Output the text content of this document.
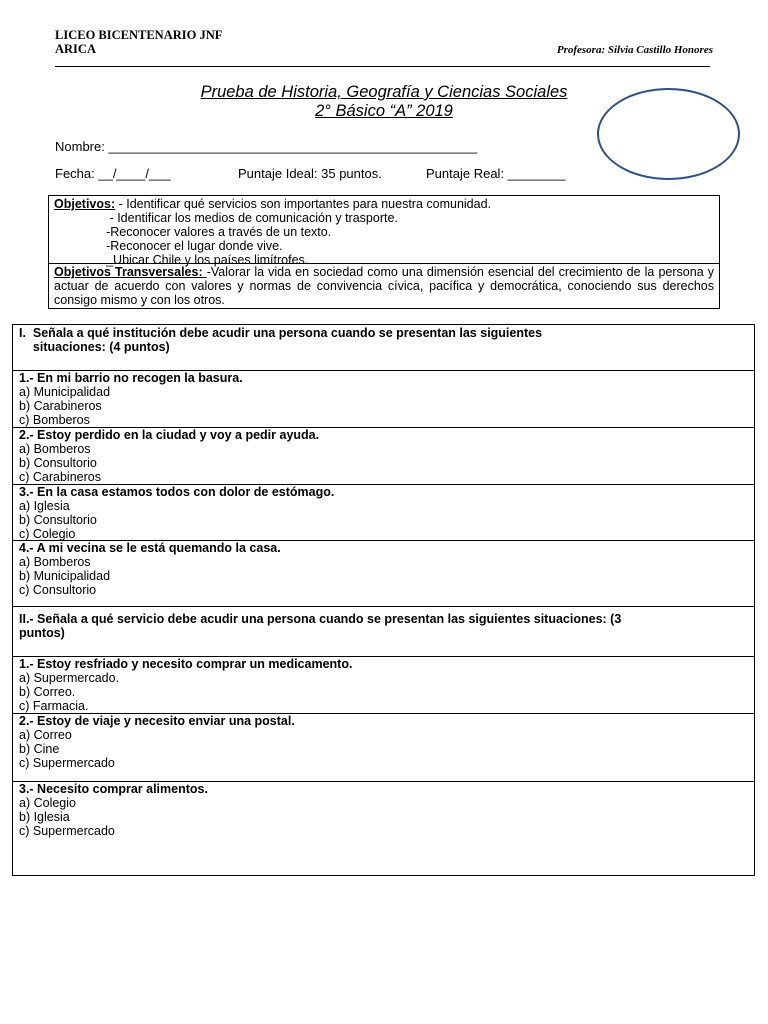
LICEO BICENTENARIO JNF
ARICA	Profesora: Silvia Castillo Honores
Prueba de Historia, Geografía y Ciencias Sociales
2° Básico “A” 2019
Nombre: ___________________________________________________
Fecha: __/____/___	Puntaje Ideal: 35 puntos.	Puntaje Real: ________
Objetivos: - Identificar qué servicios son importantes para nuestra comunidad.
- Identificar los medios de comunicación y trasporte.
-Reconocer valores a través de un texto.
-Reconocer el lugar donde vive.
_Ubicar Chile y los países limítrofes.
Objetivos Transversales: -Valorar la vida en sociedad como una dimensión esencial del crecimiento de la persona y actuar de acuerdo con valores y normas de convivencia cívica, pacífica y democrática, conociendo sus derechos consigo mismo y con los otros.
I.  Señala a qué institución debe acudir una persona cuando se presentan las siguientes
situaciones: (4 puntos)
1.- En mi barrio no recogen la basura.
a) Municipalidad
b) Carabineros
c) Bomberos
2.- Estoy perdido en la ciudad y voy a pedir ayuda.
a) Bomberos
b) Consultorio
c) Carabineros
3.- En la casa estamos todos con dolor de estómago.
a) Iglesia
b) Consultorio
c) Colegio
4.- A mi vecina se le está quemando la casa.
a) Bomberos
b) Municipalidad
c) Consultorio
II.- Señala a qué servicio debe acudir una persona cuando se presentan las siguientes situaciones: (3
puntos)
1.- Estoy resfriado y necesito comprar un medicamento.
a) Supermercado.
b) Correo.
c) Farmacia.
2.- Estoy de viaje y necesito enviar una postal.
a) Correo
b) Cine
c) Supermercado
3.- Necesito comprar alimentos.
a) Colegio
b) Iglesia
c) Supermercado
